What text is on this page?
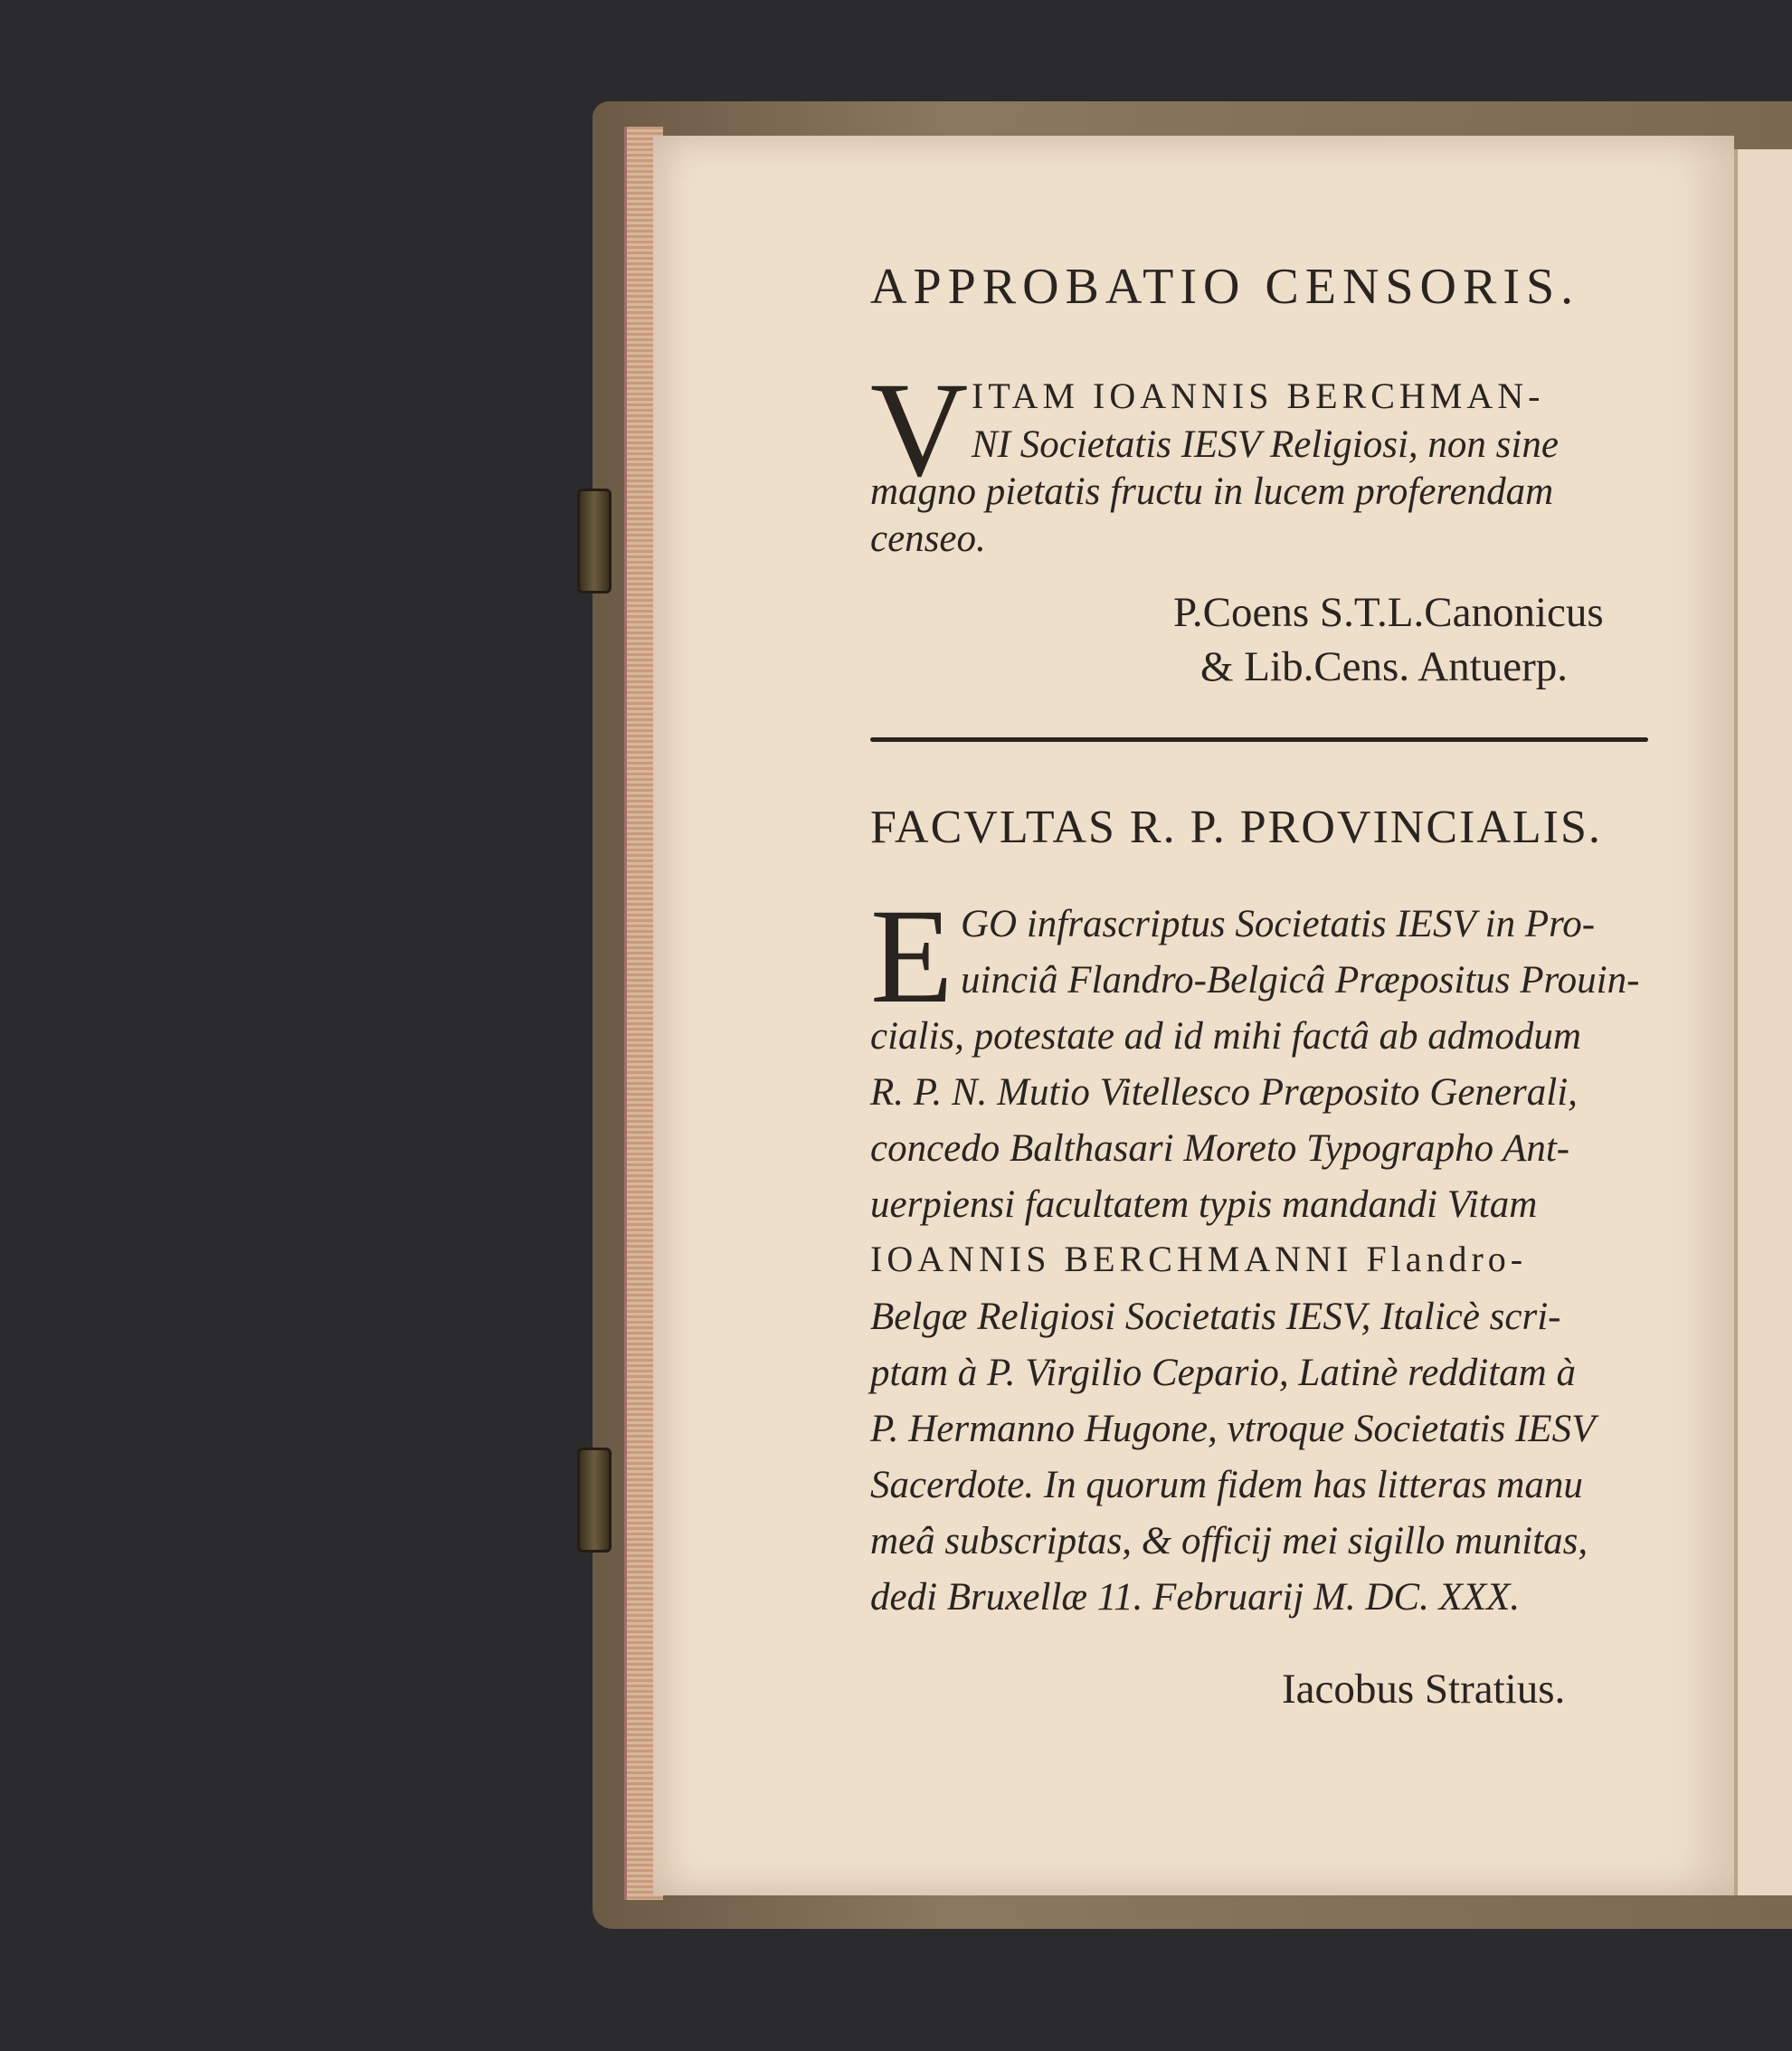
APPROBATIO CENSORIS.
V ITAM IOANNIS BERCHMAN-
NI Societatis IESV Religiosi, non sine
magno pietatis fructu in lucem proferendam
censeo.
P.Coens S.T.L.Canonicus
& Lib.Cens. Antuerp.
FACVLTAS R. P. PROVINCIALIS.
E GO infrascriptus Societatis IESV in Pro-
uinciâ Flandro-Belgicâ Præpositus Prouin-
cialis, potestate ad id mihi factâ ab admodum
R. P. N. Mutio Vitellesco Præposito Generali,
concedo Balthasari Moreto Typographo Ant-
uerpiensi facultatem typis mandandi Vitam
IOANNIS BERCHMANNI Flandro-
Belgæ Religiosi Societatis IESV, Italicè scri-
ptam à P. Virgilio Cepario, Latinè redditam à
P. Hermanno Hugone, vtroque Societatis IESV
Sacerdote. In quorum fidem has litteras manu
meâ subscriptas, & officij mei sigillo munitas,
dedi Bruxellæ 11. Februarij M. DC. XXX.
Iacobus Stratius.
